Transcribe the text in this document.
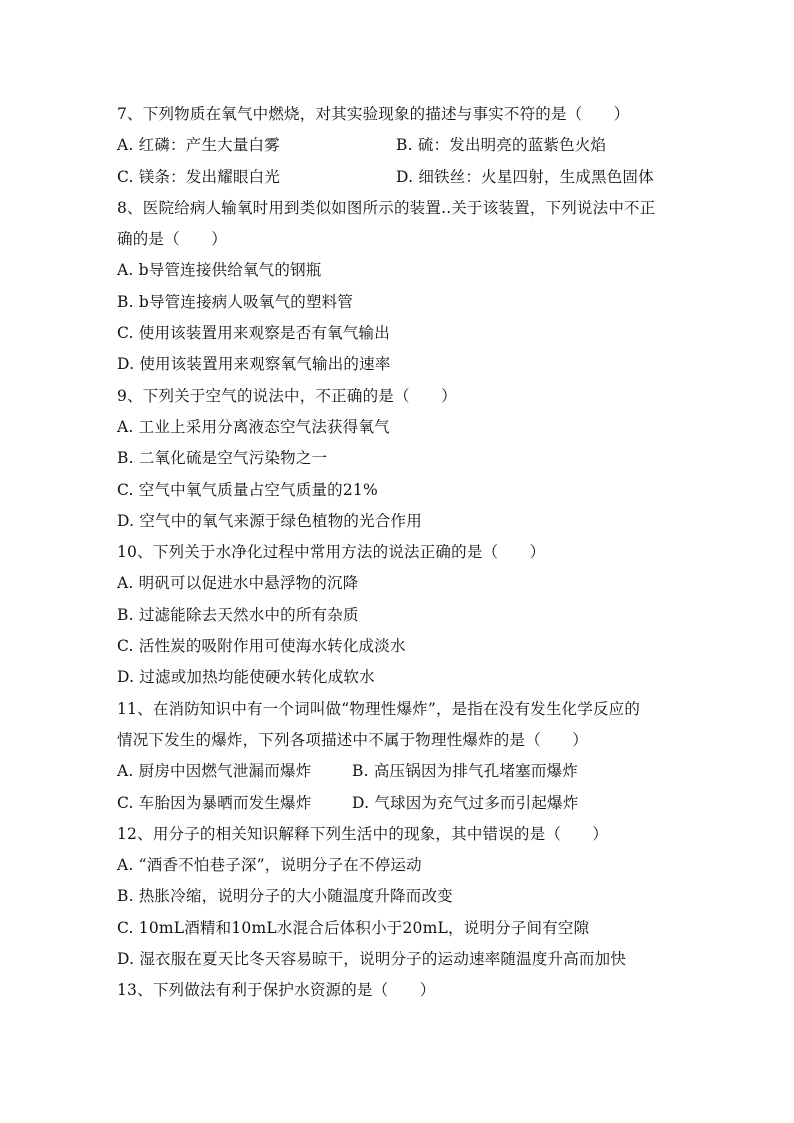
7、下列物质在氧气中燃烧，对其实验现象的描述与事实不符的是（　　）
A. 红磷：产生大量白雾	B. 硫：发出明亮的蓝紫色火焰
C. 镁条：发出耀眼白光	D. 细铁丝：火星四射，生成黑色固体
8、医院给病人输氧时用到类似如图所示的装置..关于该装置，下列说法中不正
确的是（　　）
A. b导管连接供给氧气的钢瓶
B. b导管连接病人吸氧气的塑料管
C. 使用该装置用来观察是否有氧气输出
D. 使用该装置用来观察氧气输出的速率
9、下列关于空气的说法中，不正确的是（　　）
A. 工业上采用分离液态空气法获得氧气
B. 二氧化硫是空气污染物之一
C. 空气中氧气质量占空气质量的21%
D. 空气中的氧气来源于绿色植物的光合作用
10、下列关于水净化过程中常用方法的说法正确的是（　　）
A. 明矾可以促进水中悬浮物的沉降
B. 过滤能除去天然水中的所有杂质
C. 活性炭的吸附作用可使海水转化成淡水
D. 过滤或加热均能使硬水转化成软水
11、在消防知识中有一个词叫做“物理性爆炸”，是指在没有发生化学反应的
情况下发生的爆炸，下列各项描述中不属于物理性爆炸的是（　　）
A. 厨房中因燃气泄漏而爆炸	B. 高压锅因为排气孔堵塞而爆炸
C. 车胎因为暴晒而发生爆炸	D. 气球因为充气过多而引起爆炸
12、用分子的相关知识解释下列生活中的现象，其中错误的是（　　）
A. “酒香不怕巷子深”，说明分子在不停运动
B. 热胀冷缩，说明分子的大小随温度升降而改变
C. 10mL酒精和10mL水混合后体积小于20mL，说明分子间有空隙
D. 湿衣服在夏天比冬天容易晾干，说明分子的运动速率随温度升高而加快
13、下列做法有利于保护水资源的是（　　）
